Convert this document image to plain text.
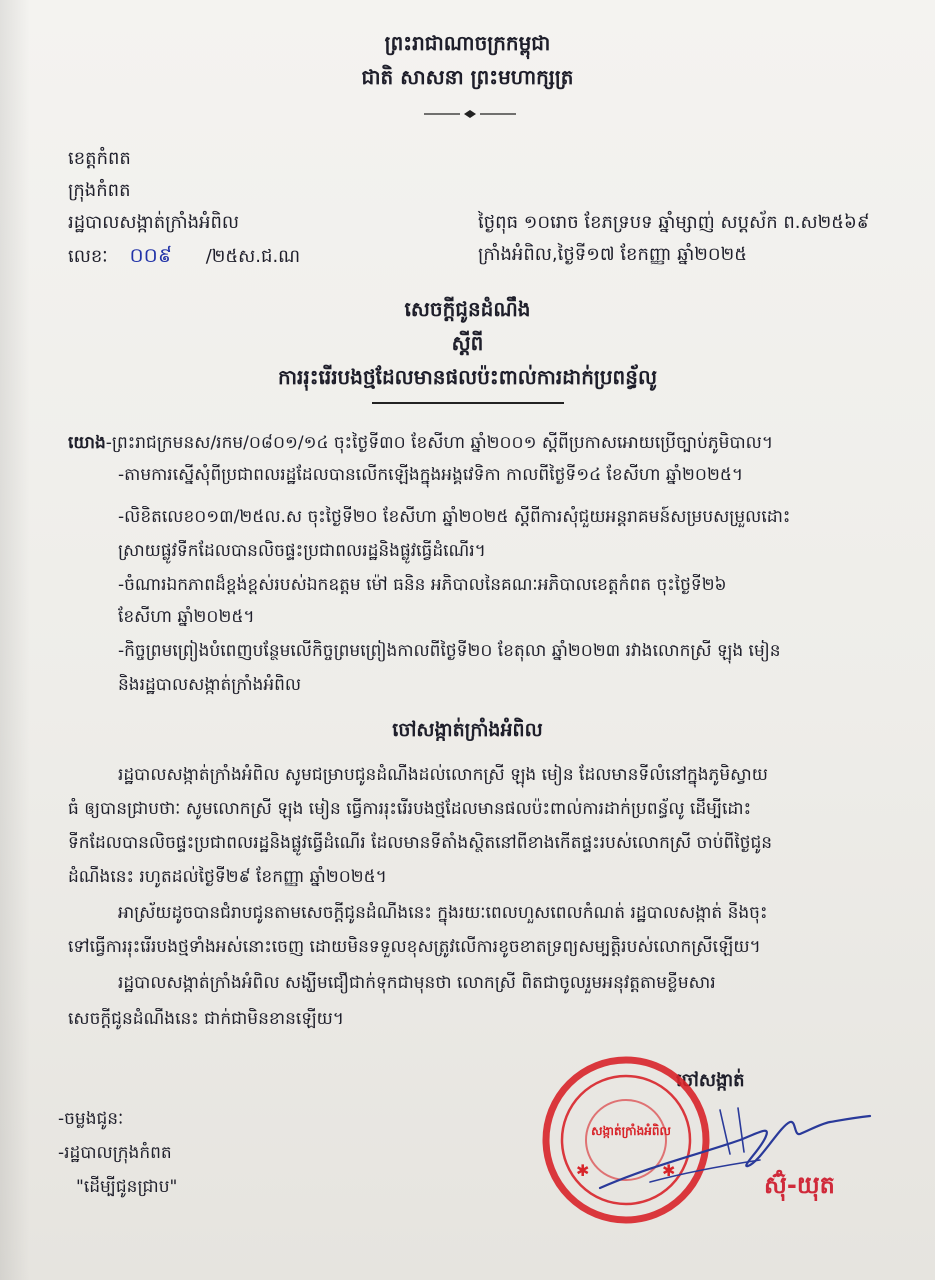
ព្រះរាជាណាចក្រកម្ពុជា
ជាតិ សាសនា ព្រះមហាក្សត្រ
ខេត្តកំពត
ក្រុងកំពត
រដ្ឋបាលសង្កាត់ក្រាំងអំពិល
លេខៈ ០០៩ /២៥ស.ជ.ណ
ថ្ងៃពុធ ១០រោច ខែភទ្របទ ឆ្នាំម្សាញ់ សប្តស័ក ព.ស២៥៦៩
ក្រាំងអំពិល,ថ្ងៃទី១៧ ខែកញ្ញា ឆ្នាំ២០២៥
សេចក្តីជូនដំណឹង
ស្តីពី
ការរុះរើរបងថ្មដែលមានផលប៉ះពាល់ការដាក់ប្រពន្ធ័លូ
យោង-ព្រះរាជក្រមនស/រកម/០៨០១/១៤ ចុះថ្ងៃទី៣០ ខែសីហា ឆ្នាំ២០០១ ស្តីពីប្រកាសអោយប្រើច្បាប់ភូមិបាល។
-តាមការស្នើសុំពីប្រជាពលរដ្ឋដែលបានលើកឡើងក្នុងអង្គវេទិកា កាលពីថ្ងៃទី១៤ ខែសីហា ឆ្នាំ២០២៥។
-លិខិតលេខ០១៣/២៥ល.ស ចុះថ្ងៃទី២០ ខែសីហា ឆ្នាំ២០២៥ ស្តីពីការសុំជួយអន្តរាគមន៍សម្របសម្រួលដោះ
ស្រាយផ្លូវទឹកដែលបានលិចផ្ទះប្រជាពលរដ្ឋនិងផ្លូវធ្វើដំណើរ។
-ចំណារឯកភាពដ៏ខ្ពង់ខ្ពស់របស់ឯកឧត្តម ម៉ៅ ធនិន អភិបាលនៃគណៈអភិបាលខេត្តកំពត ចុះថ្ងៃទី២៦
ខែសីហា ឆ្នាំ២០២៥។
-កិច្ចព្រមព្រៀងបំពេញបន្ថែមលើកិច្ចព្រមព្រៀងកាលពីថ្ងៃទី២០ ខែតុលា ឆ្នាំ២០២៣ រវាងលោកស្រី ឡុង មៀន
និងរដ្ឋបាលសង្កាត់ក្រាំងអំពិល
ចៅសង្កាត់ក្រាំងអំពិល
រដ្ឋបាលសង្កាត់ក្រាំងអំពិល សូមជម្រាបជូនដំណឹងដល់លោកស្រី ឡុង មៀន ដែលមានទីលំនៅក្នុងភូមិស្វាយ
ធំ ឲ្យបានជ្រាបថាៈ សូមលោកស្រី ឡុង មៀន ធ្វើការរុះរើរបងថ្មដែលមានផលប៉ះពាល់ការដាក់ប្រពន្ធ័លូ ដើម្បីដោះ
ទឹកដែលបានលិចផ្ទះប្រជាពលរដ្ឋនិងផ្លូវធ្វើដំណើរ ដែលមានទីតាំងស្ថិតនៅពីខាងកើតផ្ទះរបស់លោកស្រី ចាប់ពីថ្ងៃជូន
ដំណឹងនេះ រហូតដល់ថ្ងៃទី២៩ ខែកញ្ញា ឆ្នាំ២០២៥។
អាស្រ័យដូចបានជំរាបជូនតាមសេចក្តីជូនដំណឹងនេះ ក្នុងរយៈពេលហួសពេលកំណត់ រដ្ឋបាលសង្កាត់ នឹងចុះ
ទៅធ្វើការរុះរើរបងថ្មទាំងអស់នោះចេញ ដោយមិនទទួលខុសត្រូវលើការខូចខាតទ្រព្យសម្បត្តិរបស់លោកស្រីឡើយ។
រដ្ឋបាលសង្កាត់ក្រាំងអំពិល សង្ឃឹមជឿជាក់ទុកជាមុនថា លោកស្រី ពិតជាចូលរួមអនុវត្តតាមខ្លឹមសារ
សេចក្តីជូនដំណឹងនេះ ជាក់ជាមិនខានឡើយ។
ចៅសង្កាត់
✱	✱
សង្កាត់ក្រាំងអំពិល
ស៊ុំ-យុត
-ចម្លងជូនៈ
-រដ្ឋបាលក្រុងកំពត
"ដើម្បីជូនជ្រាប"
